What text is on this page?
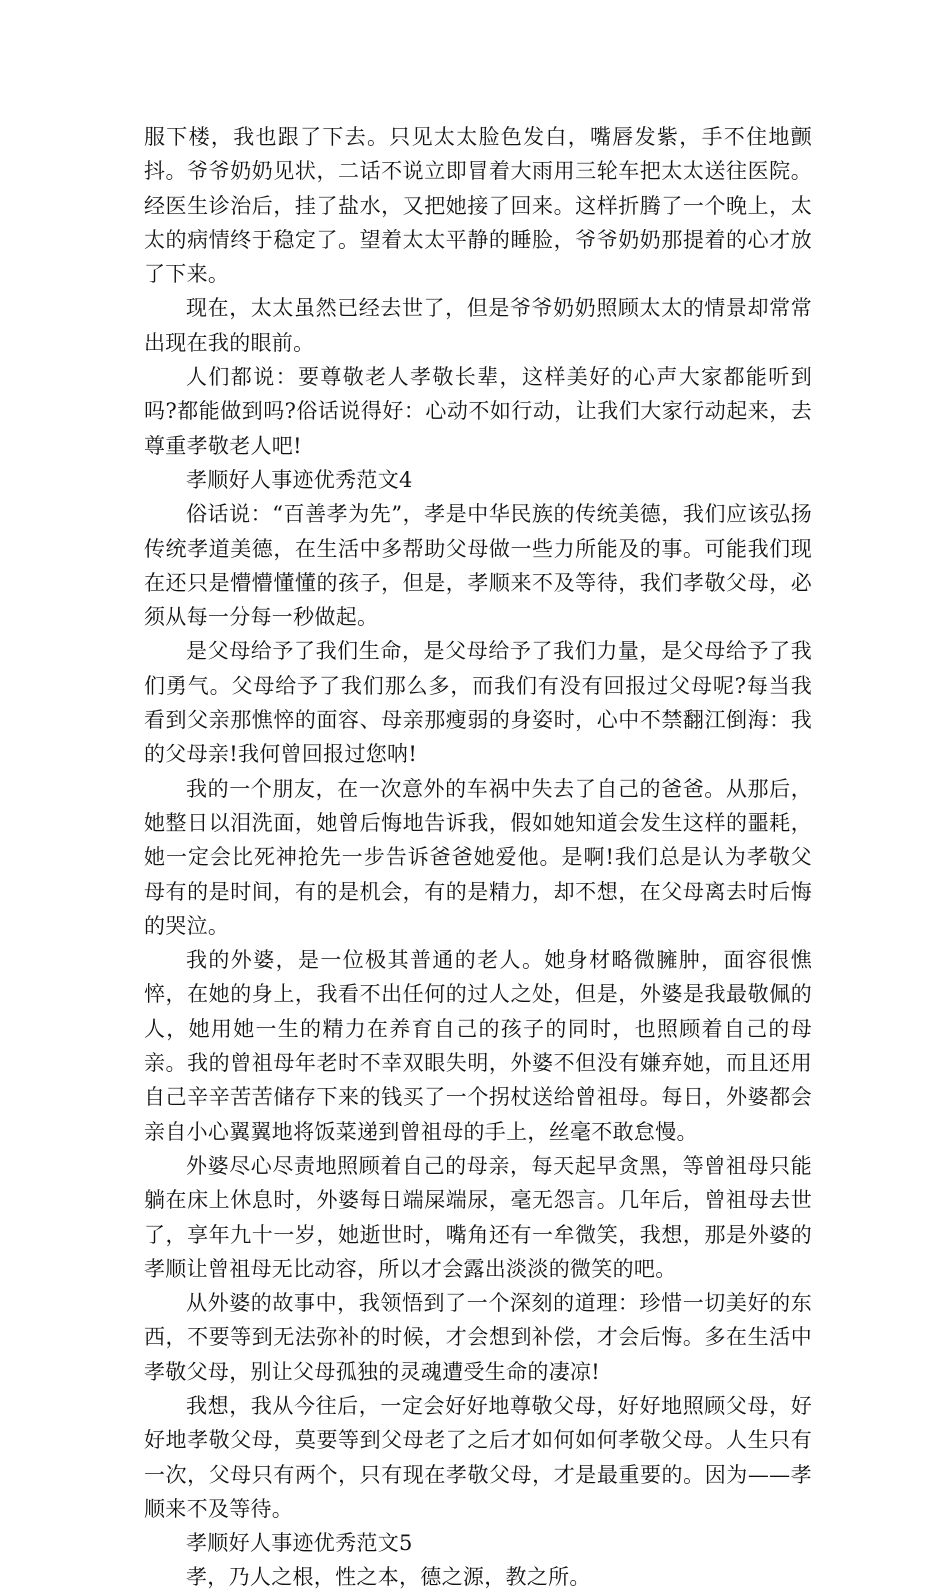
服下楼，我也跟了下去。只见太太脸色发白，嘴唇发紫，手不住地颤抖。爷爷奶奶见状，二话不说立即冒着大雨用三轮车把太太送往医院。经医生诊治后，挂了盐水，又把她接了回来。这样折腾了一个晚上，太太的病情终于稳定了。望着太太平静的睡脸，爷爷奶奶那提着的心才放了下来。

现在，太太虽然已经去世了，但是爷爷奶奶照顾太太的情景却常常出现在我的眼前。

人们都说：要尊敬老人孝敬长辈，这样美好的心声大家都能听到吗?都能做到吗?俗话说得好：心动不如行动，让我们大家行动起来，去尊重孝敬老人吧!

孝顺好人事迹优秀范文4

俗话说：“百善孝为先”，孝是中华民族的传统美德，我们应该弘扬传统孝道美德，在生活中多帮助父母做一些力所能及的事。可能我们现在还只是懵懵懂懂的孩子，但是，孝顺来不及等待，我们孝敬父母，必须从每一分每一秒做起。

是父母给予了我们生命，是父母给予了我们力量，是父母给予了我们勇气。父母给予了我们那么多，而我们有没有回报过父母呢?每当我看到父亲那憔悴的面容、母亲那瘦弱的身姿时，心中不禁翻江倒海：我的父母亲!我何曾回报过您呐!

我的一个朋友，在一次意外的车祸中失去了自己的爸爸。从那后，她整日以泪洗面，她曾后悔地告诉我，假如她知道会发生这样的噩耗，她一定会比死神抢先一步告诉爸爸她爱他。是啊!我们总是认为孝敬父母有的是时间，有的是机会，有的是精力，却不想，在父母离去时后悔的哭泣。

我的外婆，是一位极其普通的老人。她身材略微臃肿，面容很憔悴，在她的身上，我看不出任何的过人之处，但是，外婆是我最敬佩的人，她用她一生的精力在养育自己的孩子的同时，也照顾着自己的母亲。我的曾祖母年老时不幸双眼失明，外婆不但没有嫌弃她，而且还用自己辛辛苦苦储存下来的钱买了一个拐杖送给曾祖母。每日，外婆都会亲自小心翼翼地将饭菜递到曾祖母的手上，丝毫不敢怠慢。

外婆尽心尽责地照顾着自己的母亲，每天起早贪黑，等曾祖母只能躺在床上休息时，外婆每日端屎端尿，毫无怨言。几年后，曾祖母去世了，享年九十一岁，她逝世时，嘴角还有一牟微笑，我想，那是外婆的孝顺让曾祖母无比动容，所以才会露出淡淡的微笑的吧。

从外婆的故事中，我领悟到了一个深刻的道理：珍惜一切美好的东西，不要等到无法弥补的时候，才会想到补偿，才会后悔。多在生活中孝敬父母，别让父母孤独的灵魂遭受生命的凄凉!

我想，我从今往后，一定会好好地尊敬父母，好好地照顾父母，好好地孝敬父母，莫要等到父母老了之后才如何如何孝敬父母。人生只有一次，父母只有两个，只有现在孝敬父母，才是最重要的。因为——孝顺来不及等待。

孝顺好人事迹优秀范文5

孝，乃人之根，性之本，德之源，教之所。
